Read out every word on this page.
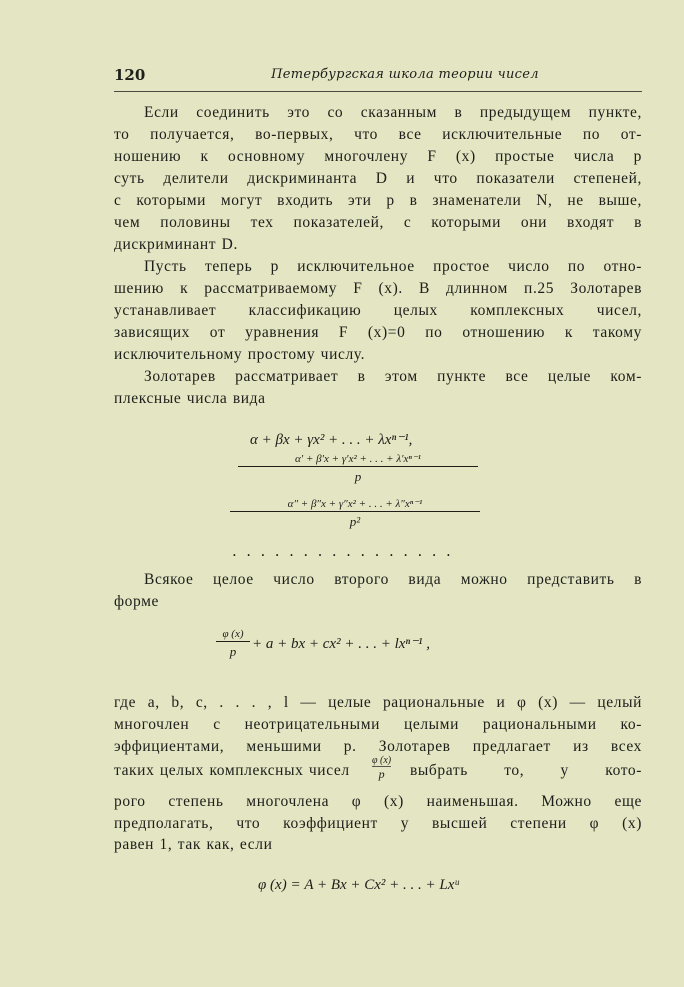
120	Петербургская школа теории чисел
Если соединить это со сказанным в предыдущем пункте,
то получается, во-первых, что все исключительные по от-
ношению к основному многочлену F (x) простые числа p
суть делители дискриминанта D и что показатели степеней,
с которыми могут входить эти p в знаменатели N, не выше,
чем половины тех показателей, с которыми они входят в
дискриминант D.
Пусть теперь p исключительное простое число по отно-
шению к рассматриваемому F (x). В длинном п.25 Золотарев
устанавливает классификацию целых комплексных чисел,
зависящих от уравнения F (x)=0 по отношению к такому
исключительному простому числу.
Золотарев рассматривает в этом пункте все целые ком-
плексные числа вида
α + βx + γx² + . . . + λxⁿ⁻¹,
α′ + β′x + γ′x² + . . . + λ′xⁿ⁻¹
p
α″ + β″x + γ″x² + . . . + λ″xⁿ⁻¹
p²
................
Всякое целое число второго вида можно представить в
форме
φ (x)
p	+ a + bx + cx² + . . . + lxⁿ⁻¹ ,
где a, b, c, . . . , l — целые рациональные и φ (x) — целый
многочлен с неотрицательными целыми рациональными ко-
эффициентами, меньшими p. Золотарев предлагает из всех
таких целых комплексных чисел
φ (x)
p	выбрать то, у кото-
рого степень многочлена φ (x) наименьшая. Можно еще
предполагать, что коэффициент у высшей степени φ (x)
равен 1, так как, если
φ (x) = A + Bx + Cx² + . . . + Lxᵘ
